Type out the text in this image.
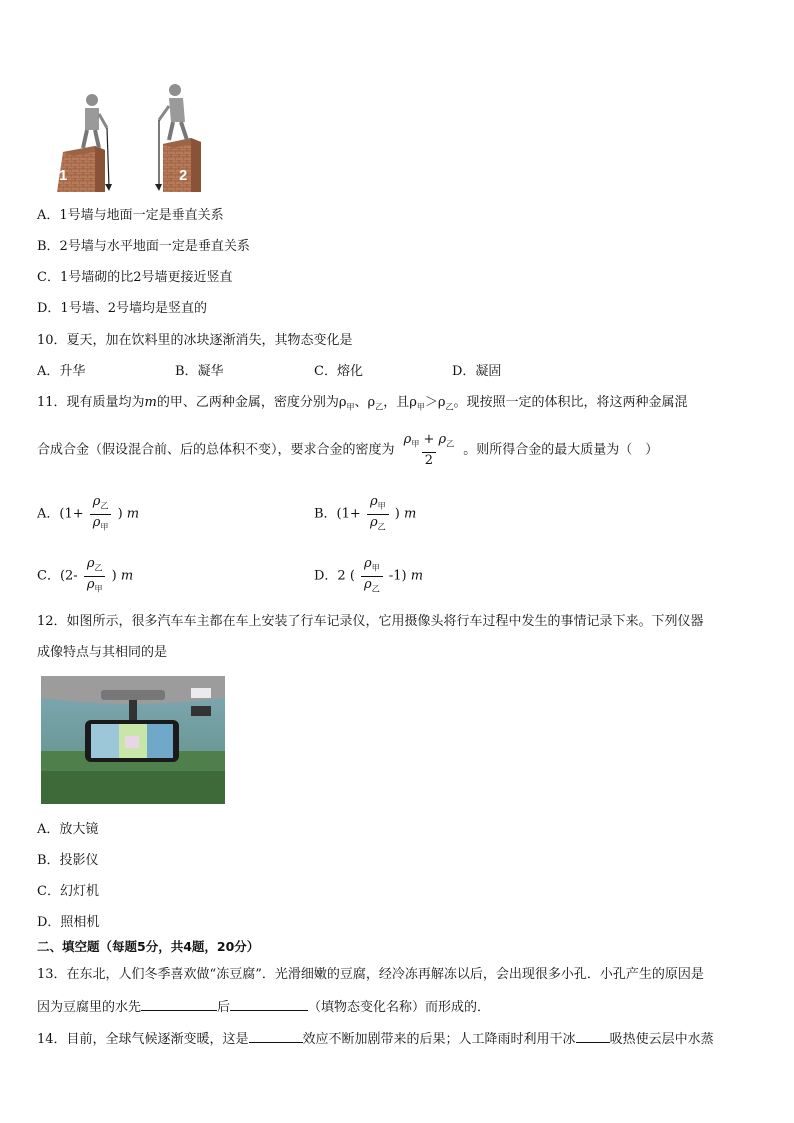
1	2
A．1号墙与地面一定是垂直关系
B．2号墙与水平地面一定是垂直关系
C．1号墙砌的比2号墙更接近竖直
D．1号墙、2号墙均是竖直的
10．夏天，加在饮料里的冰块逐渐消失，其物态变化是
A．升华	B．凝华	C．熔化	D．凝固
11．现有质量均为m的甲、乙两种金属，密度分别为$\rho_甲$、$\rho_乙$，且$\rho_甲>\rho_乙$。现按照一定的体积比，将这两种金属混
合成合金（假设混合前、后的总体积不变），要求合金的密度为 $\frac{\rho_甲 + \rho_乙}{2}$ 。则所得合金的最大质量为（　）
A．($1+ \frac{\rho_乙}{\rho_甲}$ ) m	B．($1+ \frac{\rho_甲}{\rho_乙}$ ) m
C．($2- \frac{\rho_乙}{\rho_甲}$ ) m	D．2 ( $\frac{\rho_甲}{\rho_乙} -1$) m
12．如图所示，很多汽车车主都在车上安装了行车记录仪，它用摄像头将行车过程中发生的事情记录下来。下列仪器
成像特点与其相同的是
A．放大镜
B．投影仪
C．幻灯机
D．照相机
二、填空题（每题5分，共4题，20分）
13．在东北，人们冬季喜欢做“冻豆腐”．光滑细嫩的豆腐，经冷冻再解冻以后，会出现很多小孔．小孔产生的原因是
因为豆腐里的水先	后	（填物态变化名称）而形成的．
14．目前，全球气候逐渐变暖，这是	效应不断加剧带来的后果；人工降雨时利用干冰	吸热使云层中水蒸
